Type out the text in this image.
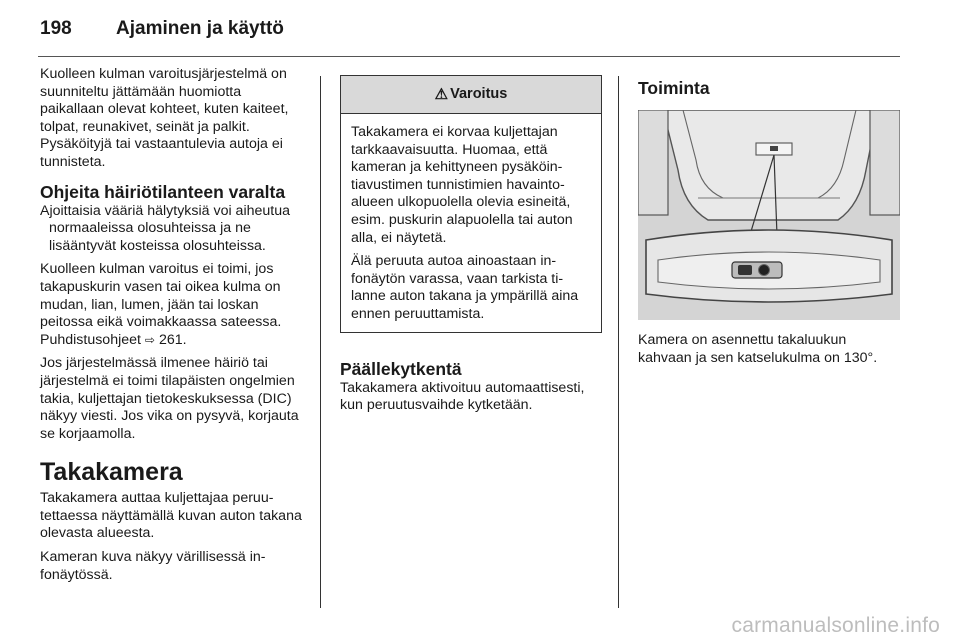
198	Ajaminen ja käyttö

Kuolleen kulman varoitusjärjestelmä on suunniteltu jättämään huomiotta paikallaan olevat kohteet, kuten kaiteet, tolpat, reunakivet, seinät ja palkit. Pysäköityjä tai vastaantulevia autoja ei tunnisteta.

Ohjeita häiriötilanteen varalta

Ajoittaisia vääriä hälytyksiä voi aiheutua normaaleissa olosuhteissa ja ne lisääntyvät kosteissa olosuhteissa.

Kuolleen kulman varoitus ei toimi, jos takapuskurin vasen tai oikea kulma on mudan, lian, lumen, jään tai loskan peitossa eikä voimakkaassa sateessa. Puhdistusohjeet ⇨ 261.

Jos järjestelmässä ilmenee häiriö tai järjestelmä ei toimi tilapäisten ongelmien takia, kuljettajan tietokeskuksessa (DIC) näkyy viesti. Jos vika on pysyvä, korjauta se korjaamolla.

Takakamera

Takakamera auttaa kuljettajaa peruutettaessa näyttämällä kuvan auton takana olevasta alueesta.

Kameran kuva näkyy värillisessä infonäytössä.

⚠ Varoitus

Takakamera ei korvaa kuljettajan tarkkaavaisuutta. Huomaa, että kameran ja kehittyneen pysäköintiavustimen tunnistimien havaintoalueen ulkopuolella olevia esineitä, esim. puskurin alapuolella tai auton alla, ei näytetä.

Älä peruuta autoa ainoastaan infonäytön varassa, vaan tarkista tilanne auton takana ja ympärillä aina ennen peruuttamista.

Päällekytkentä

Takakamera aktivoituu automaattisesti, kun peruutusvaihde kytketään.

Toiminta

Kamera on asennettu takaluukun kahvaan ja sen katselukulma on 130°.

carmanualsonline.info
